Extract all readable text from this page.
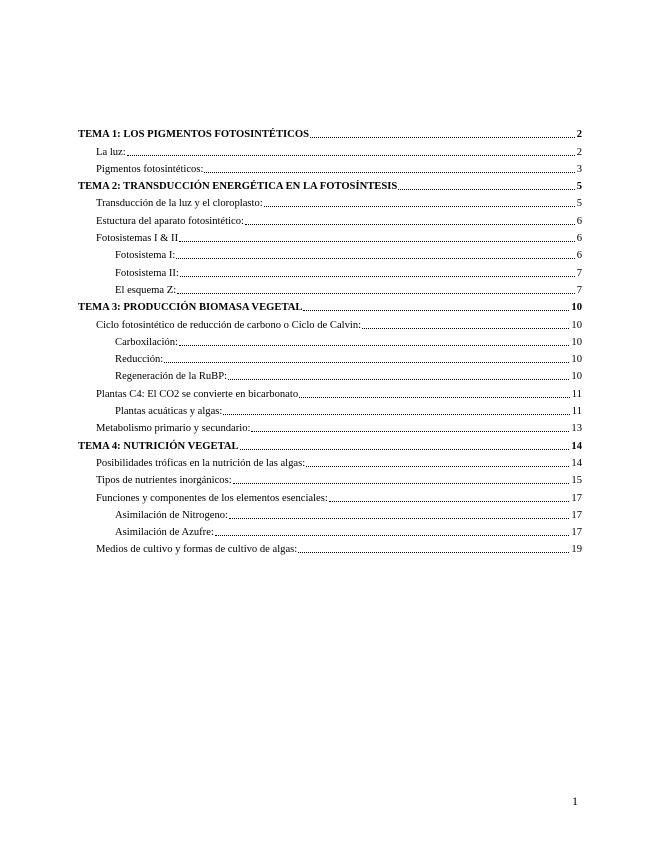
TEMA 1: LOS PIGMENTOS FOTOSINTÉTICOS	2
La luz:	2
Pigmentos fotosintéticos:	3
TEMA 2: TRANSDUCCIÓN ENERGÉTICA EN LA FOTOSÍNTESIS	5
Transducción de la luz y el cloroplasto:	5
Estuctura del aparato fotosintético:	6
Fotosistemas I & II	6
Fotosistema I:	6
Fotosistema II:	7
El esquema Z:	7
TEMA 3: PRODUCCIÓN BIOMASA VEGETAL	10
Ciclo fotosintético de reducción de carbono o Ciclo de Calvin:	10
Carboxilación:	10
Reducción:	10
Regeneración de la RuBP:	10
Plantas C4: El CO2 se convierte en bicarbonato	11
Plantas acuáticas y algas:	11
Metabolismo primario y secundario:	13
TEMA 4: NUTRICIÓN VEGETAL	14
Posibilidades tróficas en la nutrición de las algas:	14
Tipos de nutrientes inorgánicos:	15
Funciones y componentes de los elementos esenciales:	17
Asimilación de Nitrogeno:	17
Asimilación de Azufre:	17
Medios de cultivo y formas de cultivo de algas:	19
1
